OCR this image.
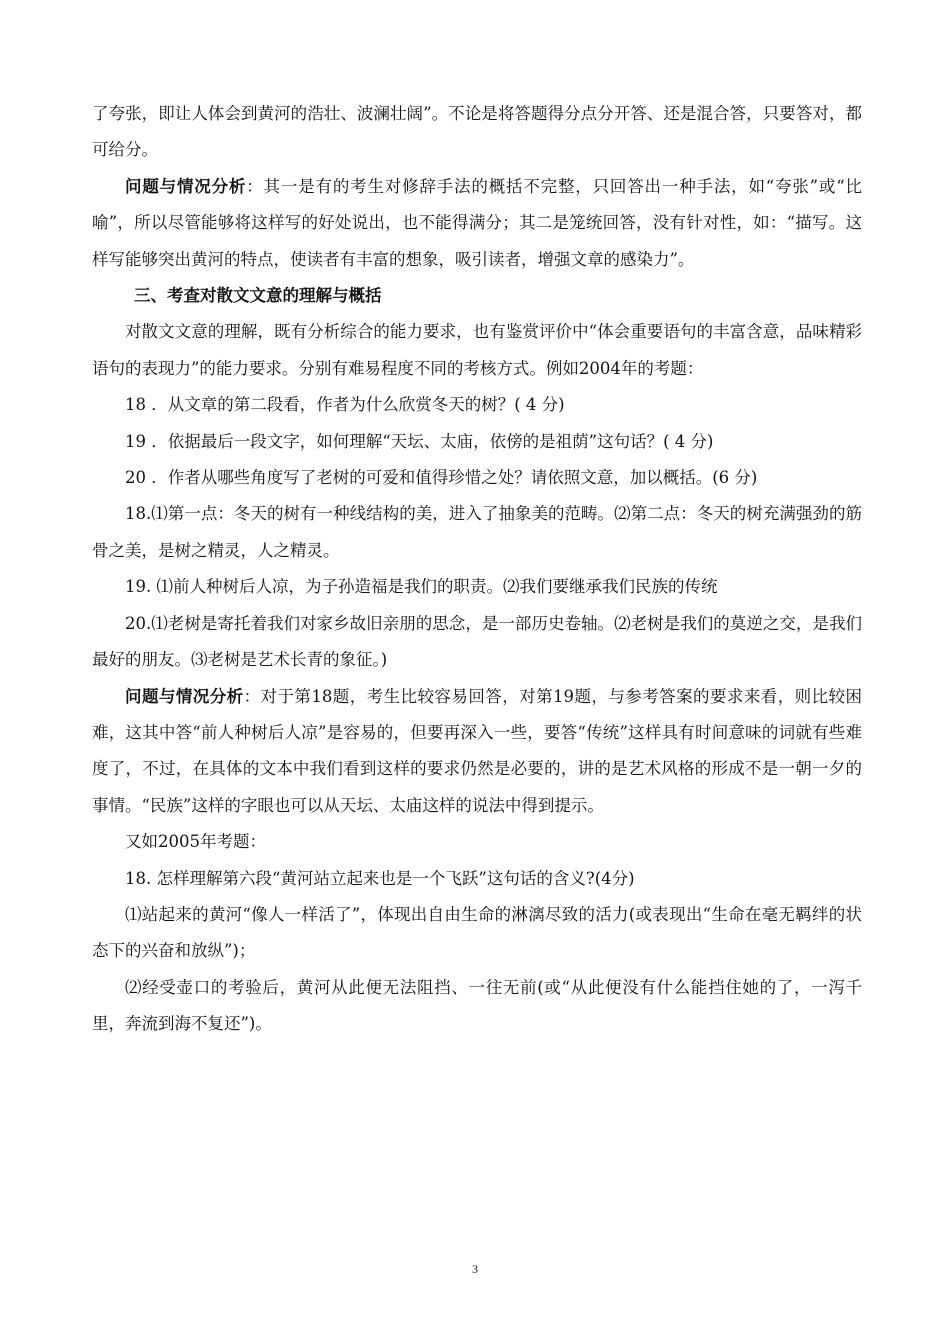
了夸张，即让人体会到黄河的浩壮、波澜壮阔”。不论是将答题得分点分开答、还是混合答，只要答对，都可给分。

问题与情况分析：其一是有的考生对修辞手法的概括不完整，只回答出一种手法，如“夸张”或“比喻”，所以尽管能够将这样写的好处说出，也不能得满分；其二是笼统回答，没有针对性，如：“描写。这样写能够突出黄河的特点，使读者有丰富的想象，吸引读者，增强文章的感染力”。

三、考查对散文文意的理解与概括

对散文文意的理解，既有分析综合的能力要求，也有鉴赏评价中“体会重要语句的丰富含意，品味精彩语句的表现力”的能力要求。分别有难易程度不同的考核方式。例如2004年的考题：

18 ．从文章的第二段看，作者为什么欣赏冬天的树？( 4 分)

19 ．依据最后一段文字，如何理解“天坛、太庙，依傍的是祖荫”这句话？( 4 分)

20 ．作者从哪些角度写了老树的可爱和值得珍惜之处？请依照文意，加以概括。(6 分)

18.⑴第一点：冬天的树有一种线结构的美，进入了抽象美的范畴。⑵第二点：冬天的树充满强劲的筋骨之美，是树之精灵，人之精灵。

19. ⑴前人种树后人凉，为子孙造福是我们的职责。⑵我们要继承我们民族的传统

20.⑴老树是寄托着我们对家乡故旧亲朋的思念，是一部历史卷轴。⑵老树是我们的莫逆之交，是我们最好的朋友。⑶老树是艺术长青的象征。)

问题与情况分析：对于第18题，考生比较容易回答，对第19题，与参考答案的要求来看，则比较困难，这其中答“前人种树后人凉”是容易的，但要再深入一些，要答“传统”这样具有时间意味的词就有些难度了，不过，在具体的文本中我们看到这样的要求仍然是必要的，讲的是艺术风格的形成不是一朝一夕的事情。“民族”这样的字眼也可以从天坛、太庙这样的说法中得到提示。

又如2005年考题：

18. 怎样理解第六段“黄河站立起来也是一个飞跃”这句话的含义?(4分)

⑴站起来的黄河“像人一样活了”，体现出自由生命的淋漓尽致的活力(或表现出“生命在毫无羁绊的状态下的兴奋和放纵”)；

⑵经受壶口的考验后，黄河从此便无法阻挡、一往无前(或“从此便没有什么能挡住她的了，一泻千里，奔流到海不复还”)。

3
